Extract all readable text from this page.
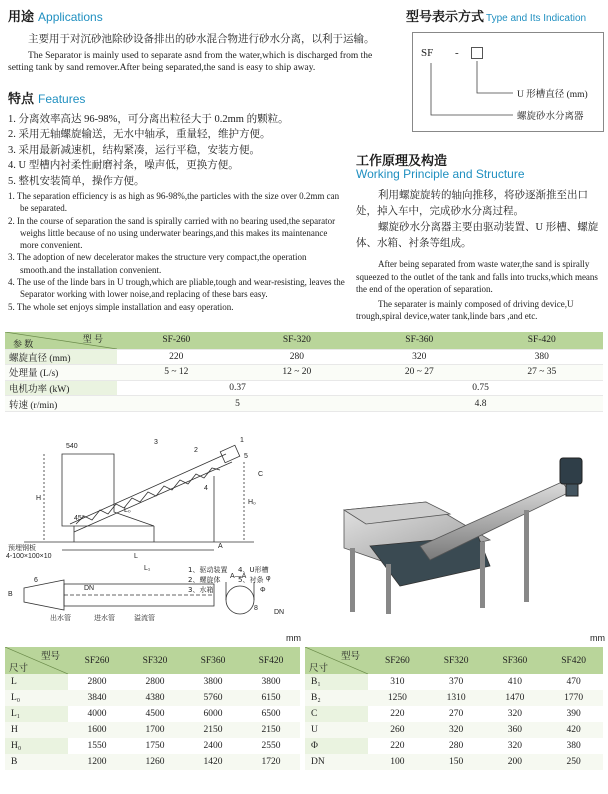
用途 Applications
主要用于对沉砂池除砂设备排出的砂水混合物进行砂水分离，以利于运输。
The Separator is mainly used to separate asnd from the water,which is discharged from the setting tank by sand remover.After being separated,the sand is easy to ship away.
特点 Features
1. 分离效率高达 96-98%，可分离出粒径大于 0.2mm 的颗粒。
2. 采用无轴螺旋输送，无水中轴承，重量轻，维护方便。
3. 采用最新减速机，结构紧凑，运行平稳，安装方便。
4. U 型槽内衬柔性耐磨衬条，噪声低，更换方便。
5. 整机安装简单，操作方便。
1. The separation efficiency is as high as 96-98%,the particles with the size over 0.2mm can be separated.
2. In the course of separation the sand is spirally carried with no bearing used,the separator weighs little because of no using underwater bearings,and this makes its maintenance more convenient.
3. The adoption of new decelerator makes the structure very compact,the operation smooth.and the installation convenient.
4. The use of the linde bars in U trough,which are pliable,tough and wear-resisting, leaves the Separator working with lower noise,and replacing of these bars easy.
5. The whole set enjoys simple installation and easy operation.
型号表示方式 Type and Its Indication
SF -
U 形槽直径 (mm)
螺旋砂水分离器
工作原理及构造
Working Principle and Structure
利用螺旋旋转的轴向推移，将砂逐渐推至出口处，掉入车中，完成砂水分离过程。
螺旋砂水分离器主要由驱动装置、U 形槽、螺旋体、水箱、衬条等组成。
After being separated from waste water,the sand is spirally squeezed to the outlet of the tank and falls into trucks,which means the end of the operation of separation.
The separater is mainly composed of driving device,U trough,spiral device,water tank,linde bars ,and etc.
型 号
参 数	SF-260	SF-320	SF-360	SF-420
螺旋直径 (mm)	220	280	320	380
处理量 (L/s)	5 ~ 12	12 ~ 20	20 ~ 27	27 ~ 35
电机功率 (kW)	0.37		0.75	
转速 (r/min)	5		4.8	
540
3
2
1
4
5
6
8
L
L₀
L₁
H
H₀
A
A—A
B
Φ
C
DN
45°
预埋钢板
4-100×100×10
出水管	进水管	溢流管
φ
DN
1、驱动装置
2、螺旋体
3、水箱
4、U形槽
5、衬条
mm	mm
型号
尺寸	SF260	SF320	SF360	SF420
L	2800	2800	3800	3800
L₀	3840	4380	5760	6150
L₁	4000	4500	6000	6500
H	1600	1700	2150	2150
H₀	1550	1750	2400	2550
B	1200	1260	1420	1720
型号
尺寸	SF260	SF320	SF360	SF420
B₁	310	370	410	470
B₂	1250	1310	1470	1770
C	220	270	320	390
U	260	320	360	420
Φ	220	280	320	380
DN	100	150	200	250
